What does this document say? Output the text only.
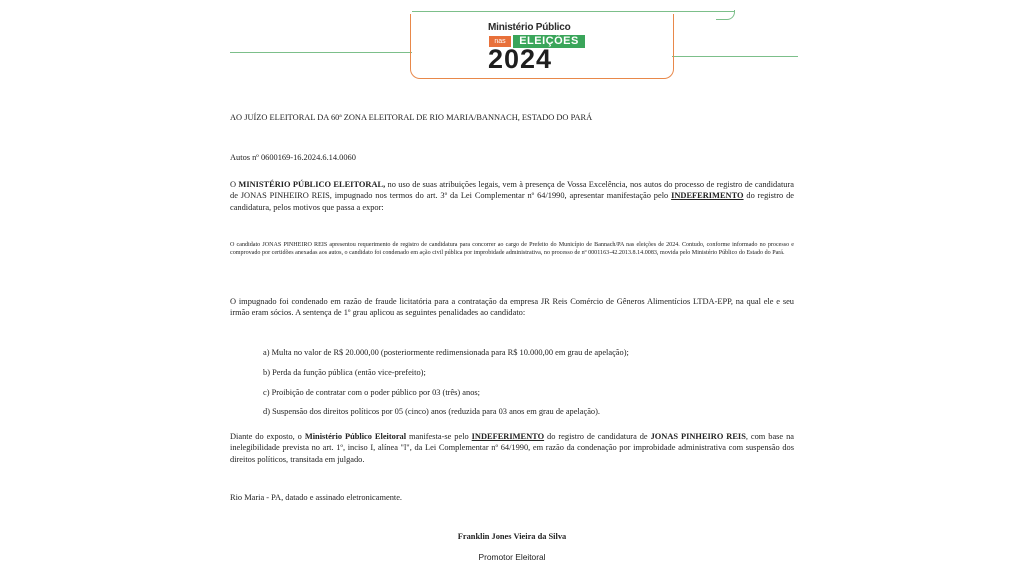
Ministério Público
nas	ELEIÇÕES
2024
AO JUÍZO ELEITORAL DA 60ª ZONA ELEITORAL DE RIO MARIA/BANNACH, ESTADO DO PARÁ
Autos nº 0600169-16.2024.6.14.0060
O MINISTÉRIO PÚBLICO ELEITORAL, no uso de suas atribuições legais, vem à presença de Vossa Excelência, nos autos do processo de registro de candidatura de JONAS PINHEIRO REIS, impugnado nos termos do art. 3º da Lei Complementar nº 64/1990, apresentar manifestação pelo INDEFERIMENTO do registro de candidatura, pelos motivos que passa a expor:
O candidato JONAS PINHEIRO REIS apresentou requerimento de registro de candidatura para concorrer ao cargo de Prefeito do Município de Bannach/PA nas eleições de 2024. Contudo, conforme informado no processo e comprovado por certidões anexadas aos autos, o candidato foi condenado em ação civil pública por improbidade administrativa, no processo de nº 0001163-42.2013.8.14.0083, movida pelo Ministério Público do Estado do Pará.
O impugnado foi condenado em razão de fraude licitatória para a contratação da empresa JR Reis Comércio de Gêneros Alimentícios LTDA-EPP, na qual ele e seu irmão eram sócios. A sentença de 1º grau aplicou as seguintes penalidades ao candidato:
a) Multa no valor de R$ 20.000,00 (posteriormente redimensionada para R$ 10.000,00 em grau de apelação);
b) Perda da função pública (então vice-prefeito);
c) Proibição de contratar com o poder público por 03 (três) anos;
d) Suspensão dos direitos políticos por 05 (cinco) anos (reduzida para 03 anos em grau de apelação).
Diante do exposto, o Ministério Público Eleitoral manifesta-se pelo INDEFERIMENTO do registro de candidatura de JONAS PINHEIRO REIS, com base na inelegibilidade prevista no art. 1º, inciso I, alínea "l", da Lei Complementar nº 64/1990, em razão da condenação por improbidade administrativa com suspensão dos direitos políticos, transitada em julgado.
Rio Maria - PA, datado e assinado eletronicamente.
Franklin Jones Vieira da Silva
Promotor Eleitoral
